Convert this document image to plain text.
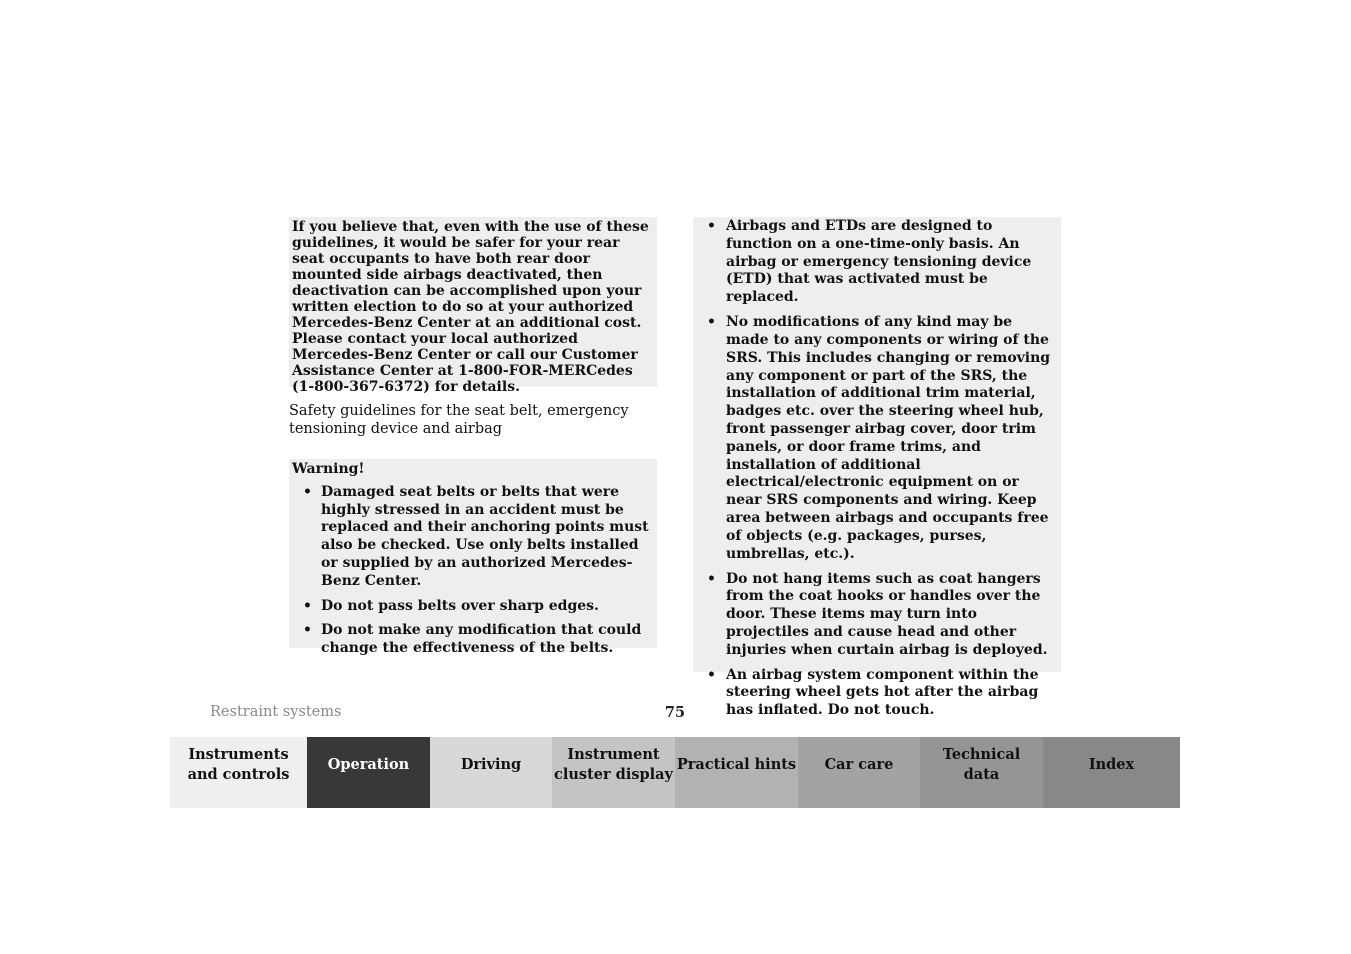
If you believe that, even with the use of these guidelines, it would be safer for your rear seat occupants to have both rear door mounted side airbags deactivated, then deactivation can be accomplished upon your written election to do so at your authorized Mercedes-Benz Center at an additional cost. Please contact your local authorized Mercedes-Benz Center or call our Customer Assistance Center at 1-800-FOR-MERCedes (1-800-367-6372) for details.

Safety guidelines for the seat belt, emergency tensioning device and airbag

Warning!

• Damaged seat belts or belts that were highly stressed in an accident must be replaced and their anchoring points must also be checked. Use only belts installed or supplied by an authorized Mercedes-Benz Center.
• Do not pass belts over sharp edges.
• Do not make any modification that could change the effectiveness of the belts.
• Airbags and ETDs are designed to function on a one-time-only basis. An airbag or emergency tensioning device (ETD) that was activated must be replaced.
• No modifications of any kind may be made to any components or wiring of the SRS. This includes changing or removing any component or part of the SRS, the installation of additional trim material, badges etc. over the steering wheel hub, front passenger airbag cover, door trim panels, or door frame trims, and installation of additional electrical/electronic equipment on or near SRS components and wiring. Keep area between airbags and occupants free of objects (e.g. packages, purses, umbrellas, etc.).
• Do not hang items such as coat hangers from the coat hooks or handles over the door. These items may turn into projectiles and cause head and other injuries when curtain airbag is deployed.
• An airbag system component within the steering wheel gets hot after the airbag has inflated. Do not touch.
Restraint systems	75
Instruments
and controls
Operation	Driving
Instrument
cluster display
Practical hints Car care
Technical
data
Index
